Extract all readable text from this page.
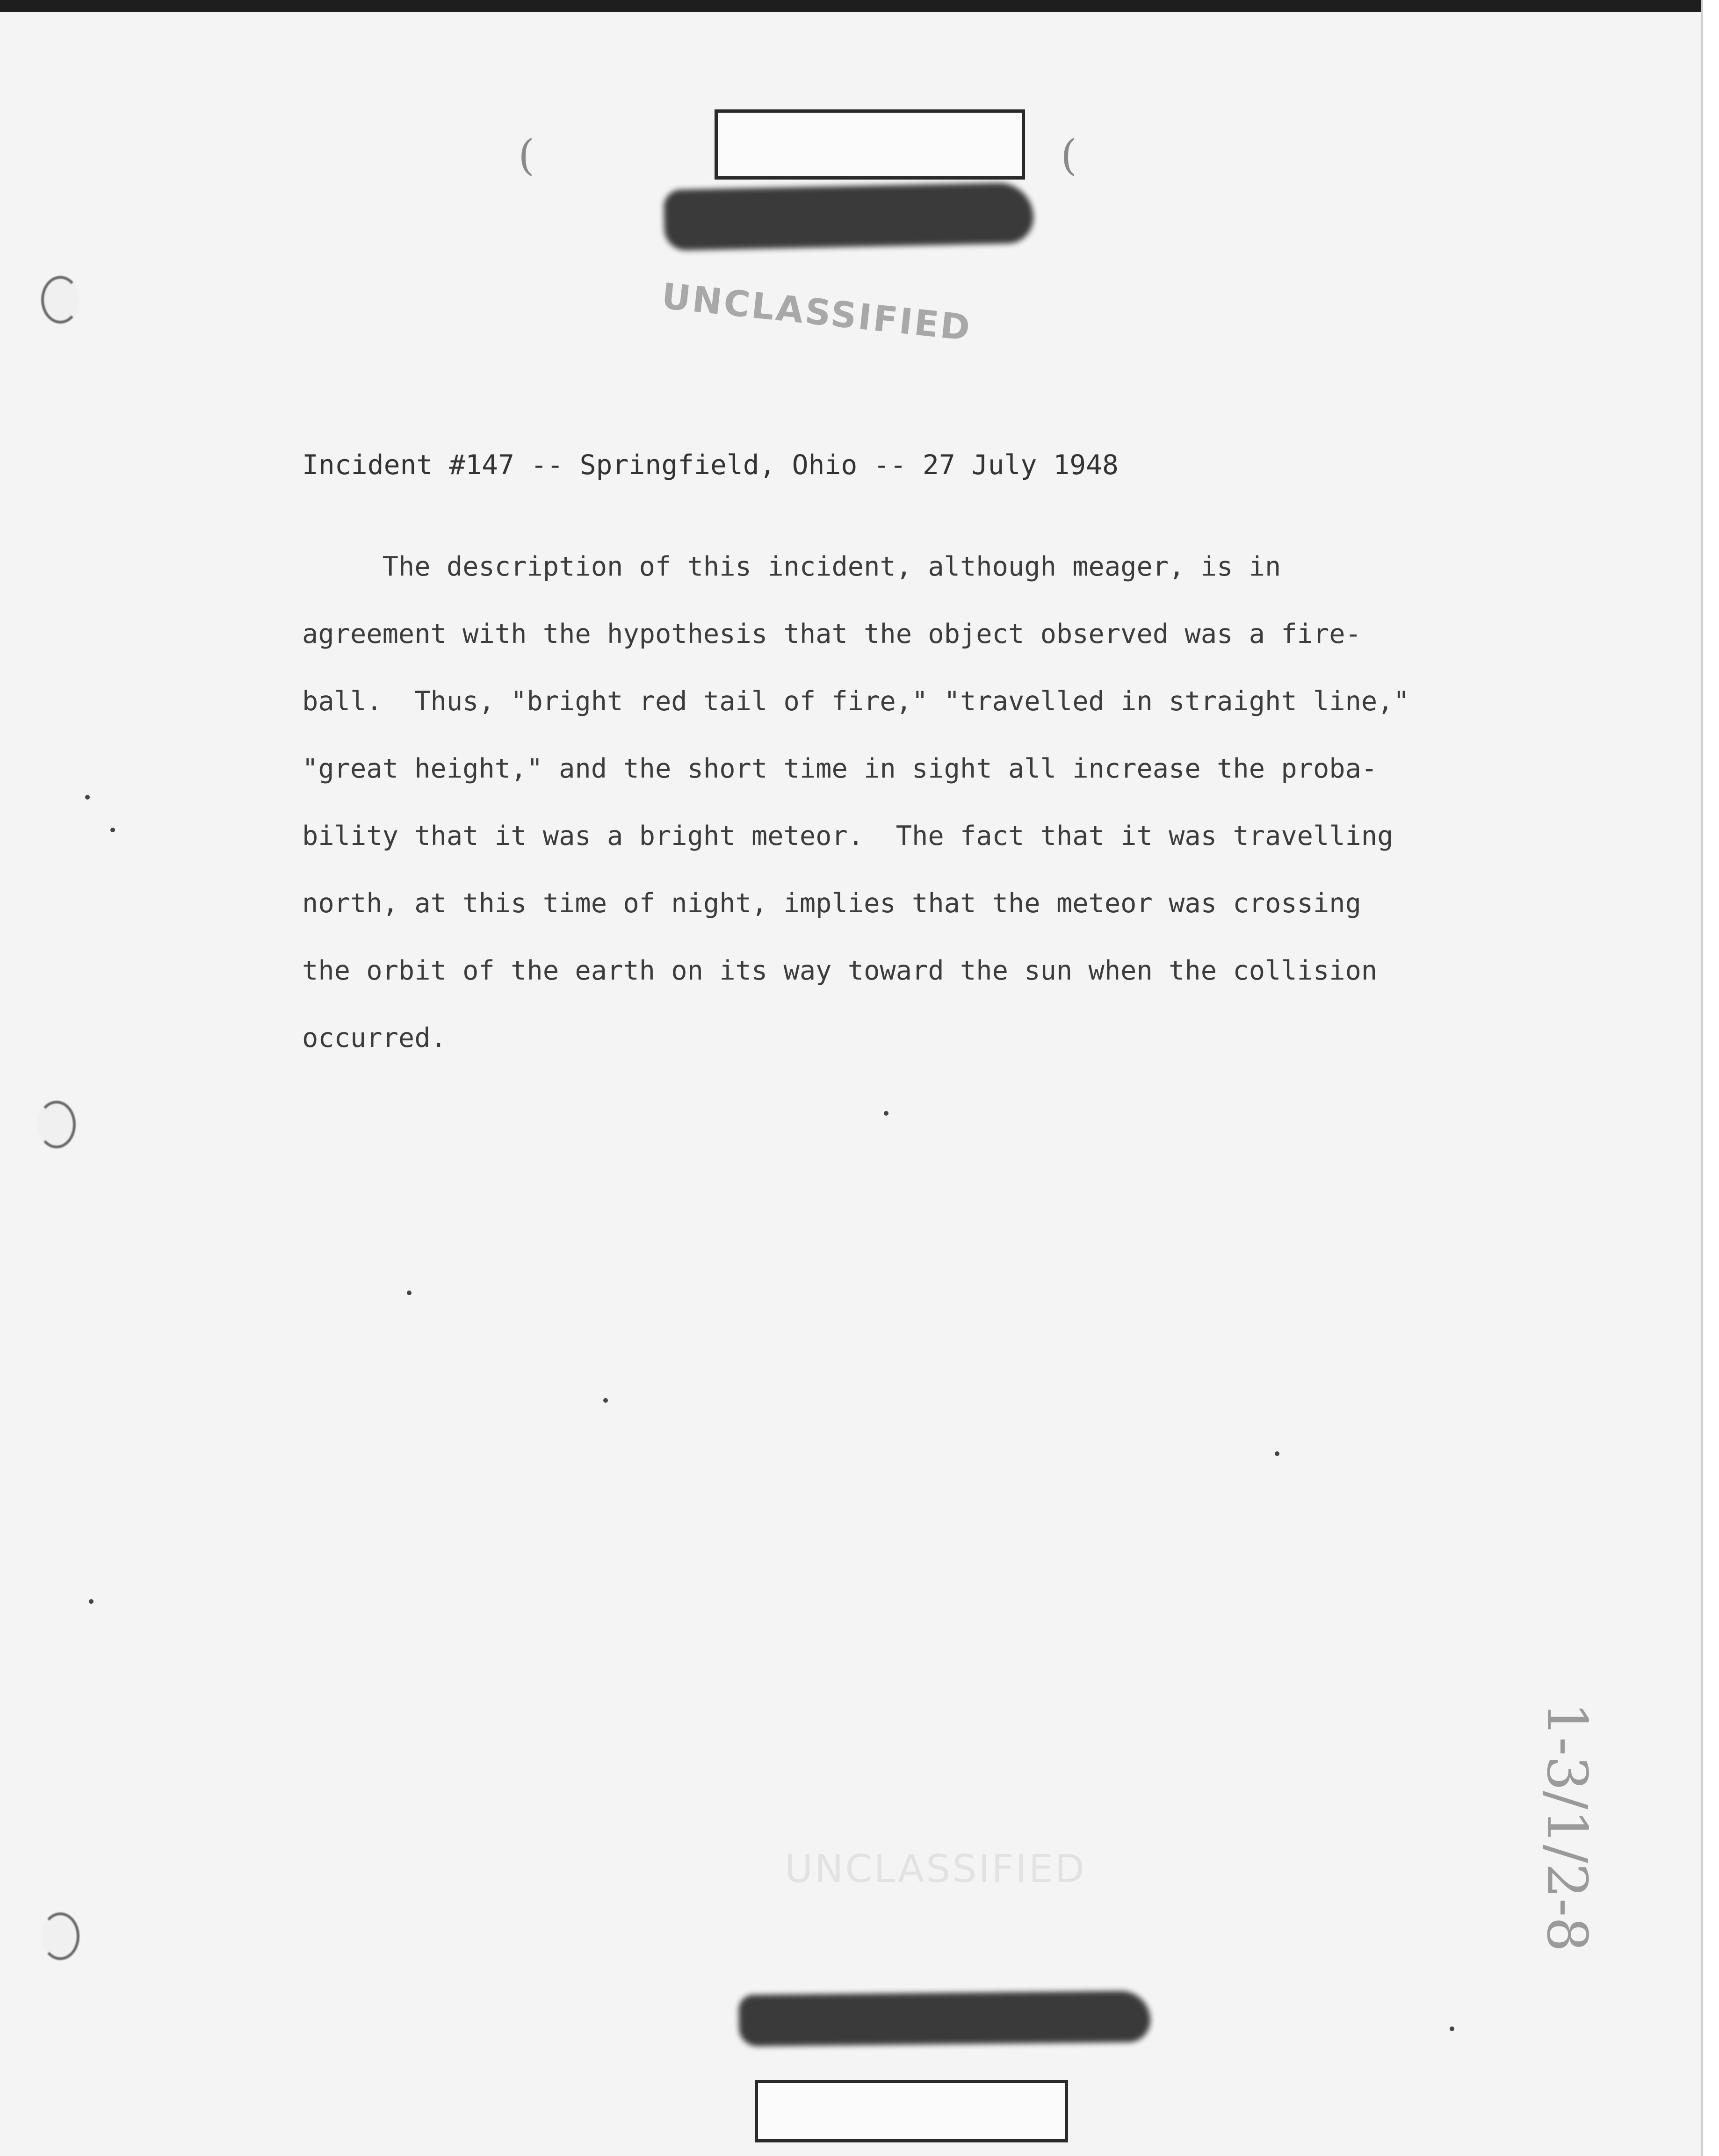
(	(
UNCLASSIFIED
Incident #147 -- Springfield, Ohio -- 27 July 1948
The description of this incident, although meager, is in
agreement with the hypothesis that the object observed was a fire-
ball.  Thus, "bright red tail of fire," "travelled in straight line,"
"great height," and the short time in sight all increase the proba-
bility that it was a bright meteor.  The fact that it was travelling
north, at this time of night, implies that the meteor was crossing
the orbit of the earth on its way toward the sun when the collision
occurred.
UNCLASSIFIED	1-3/1/2-8
